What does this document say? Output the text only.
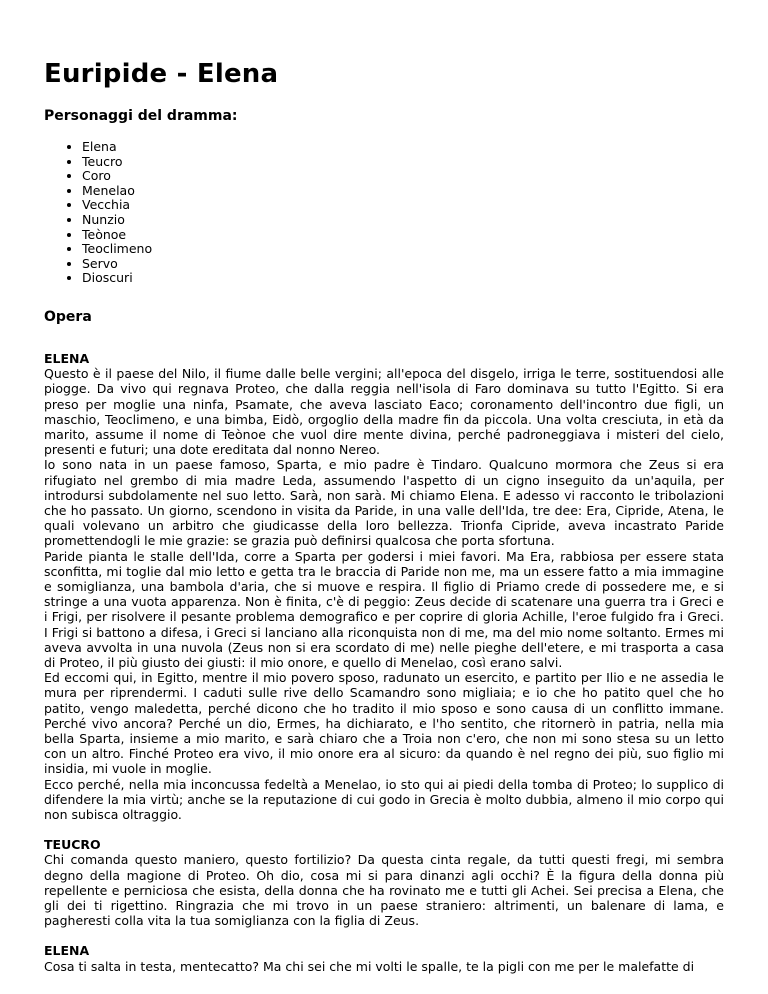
Euripide - Elena
Personaggi del dramma:
• Elena
• Teucro
• Coro
• Menelao
• Vecchia
• Nunzio
• Teònoe
• Teoclimeno
• Servo
• Dioscuri
Opera
ELENA

Questo è il paese del Nilo, il fiume dalle belle vergini; all'epoca del disgelo, irriga le terre, sostituendosi alle piogge. Da vivo qui regnava Proteo, che dalla reggia nell'isola di Faro dominava su tutto l'Egitto. Si era preso per moglie una ninfa, Psamate, che aveva lasciato Eaco; coronamento dell'incontro due figli, un maschio, Teoclimeno, e una bimba, Eidò, orgoglio della madre fin da piccola. Una volta cresciuta, in età da marito, assume il nome di Teònoe che vuol dire mente divina, perché padroneggiava i misteri del cielo, presenti e futuri; una dote ereditata dal nonno Nereo.

Io sono nata in un paese famoso, Sparta, e mio padre è Tindaro. Qualcuno mormora che Zeus si era rifugiato nel grembo di mia madre Leda, assumendo l'aspetto di un cigno inseguito da un'aquila, per introdursi subdolamente nel suo letto. Sarà, non sarà. Mi chiamo Elena. E adesso vi racconto le tribolazioni che ho passato. Un giorno, scendono in visita da Paride, in una valle dell'Ida, tre dee: Era, Cipride, Atena, le quali volevano un arbitro che giudicasse della loro bellezza. Trionfa Cipride, aveva incastrato Paride promettendogli le mie grazie: se grazia può definirsi qualcosa che porta sfortuna.

Paride pianta le stalle dell'Ida, corre a Sparta per godersi i miei favori. Ma Era, rabbiosa per essere stata sconfitta, mi toglie dal mio letto e getta tra le braccia di Paride non me, ma un essere fatto a mia immagine e somiglianza, una bambola d'aria, che si muove e respira. Il figlio di Priamo crede di possedere me, e si stringe a una vuota apparenza. Non è finita, c'è di peggio: Zeus decide di scatenare una guerra tra i Greci e i Frigi, per risolvere il pesante problema demografico e per coprire di gloria Achille, l'eroe fulgido fra i Greci. I Frigi si battono a difesa, i Greci si lanciano alla riconquista non di me, ma del mio nome soltanto. Ermes mi aveva avvolta in una nuvola (Zeus non si era scordato di me) nelle pieghe dell'etere, e mi trasporta a casa di Proteo, il più giusto dei giusti: il mio onore, e quello di Menelao, così erano salvi.

Ed eccomi qui, in Egitto, mentre il mio povero sposo, radunato un esercito, e partito per Ilio e ne assedia le mura per riprendermi. I caduti sulle rive dello Scamandro sono migliaia; e io che ho patito quel che ho patito, vengo maledetta, perché dicono che ho tradito il mio sposo e sono causa di un conflitto immane. Perché vivo ancora? Perché un dio, Ermes, ha dichiarato, e l'ho sentito, che ritornerò in patria, nella mia bella Sparta, insieme a mio marito, e sarà chiaro che a Troia non c'ero, che non mi sono stesa su un letto con un altro. Finché Proteo era vivo, il mio onore era al sicuro: da quando è nel regno dei più, suo figlio mi insidia, mi vuole in moglie.

Ecco perché, nella mia inconcussa fedeltà a Menelao, io sto qui ai piedi della tomba di Proteo; lo supplico di difendere la mia virtù; anche se la reputazione di cui godo in Grecia è molto dubbia, almeno il mio corpo qui non subisca oltraggio.

TEUCRO

Chi comanda questo maniero, questo fortilizio? Da questa cinta regale, da tutti questi fregi, mi sembra degno della magione di Proteo. Oh dio, cosa mi si para dinanzi agli occhi? È la figura della donna più repellente e perniciosa che esista, della donna che ha rovinato me e tutti gli Achei. Sei precisa a Elena, che gli dei ti rigettino. Ringrazia che mi trovo in un paese straniero: altrimenti, un balenare di lama, e pagheresti colla vita la tua somiglianza con la figlia di Zeus.

ELENA

Cosa ti salta in testa, mentecatto? Ma chi sei che mi volti le spalle, te la pigli con me per le malefatte di
